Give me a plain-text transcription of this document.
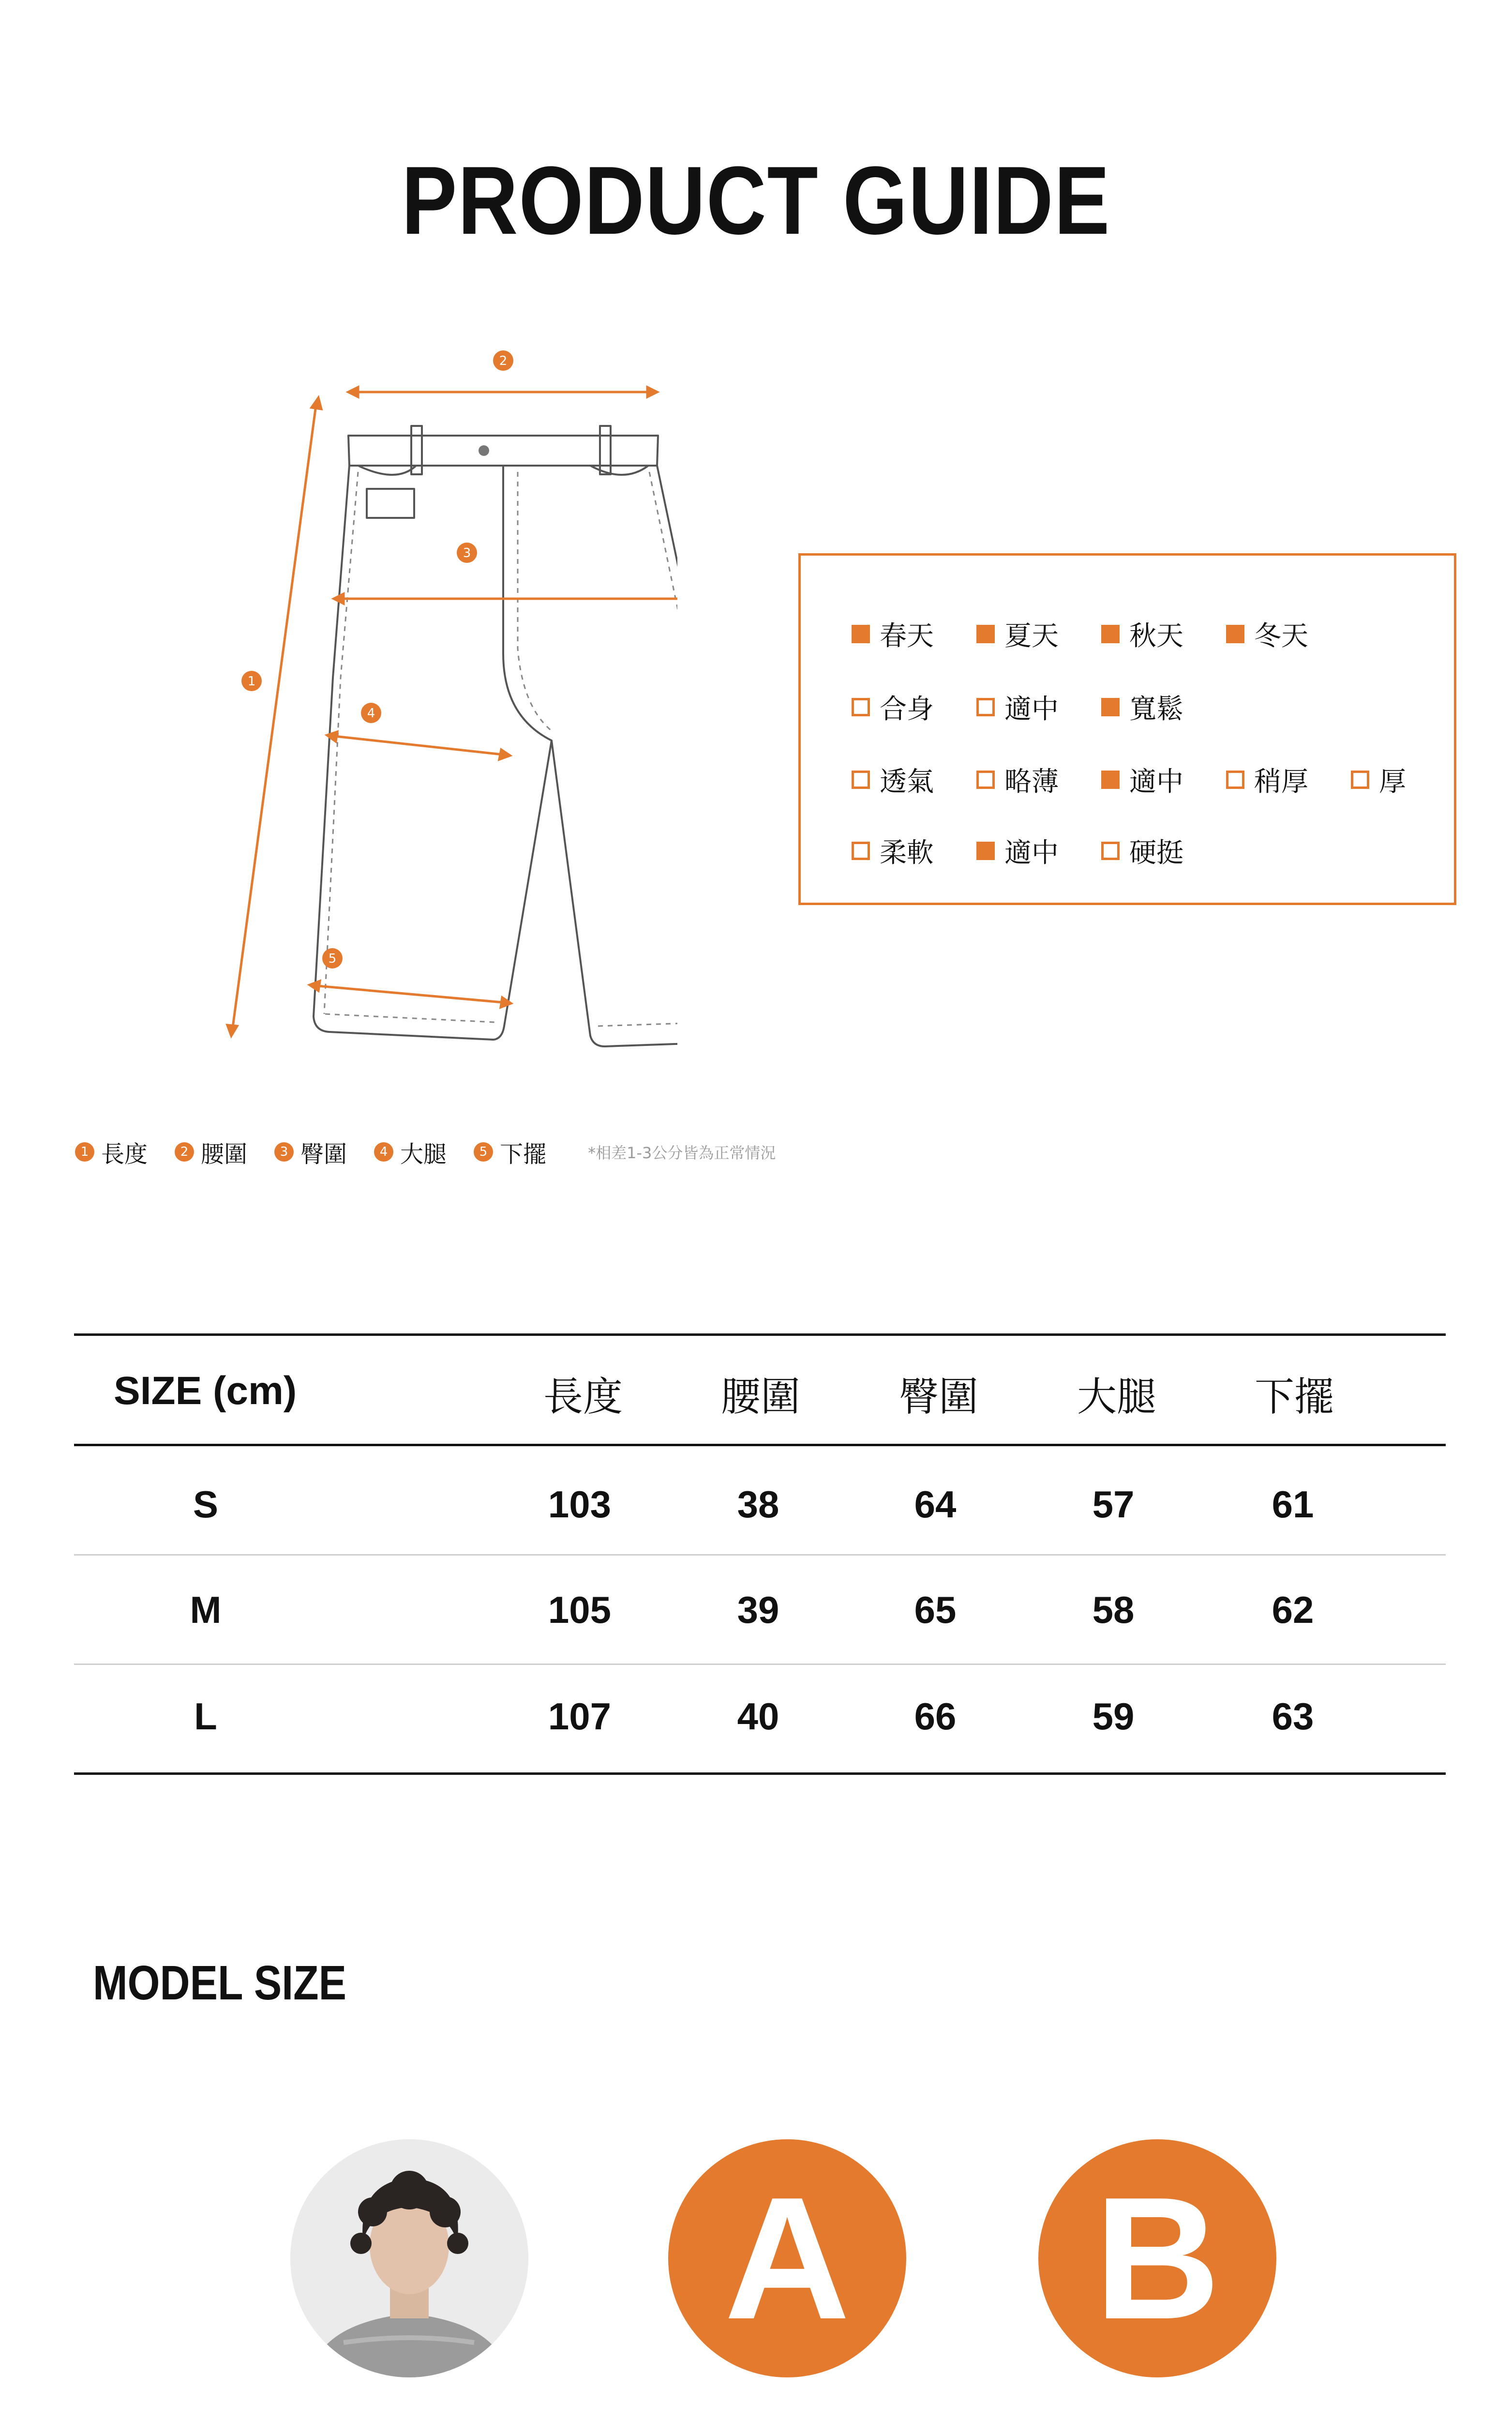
PRODUCT GUIDE
2
1
3
4
5
春天	夏天	秋天	冬天
合身	適中	寬鬆
透氣	略薄	適中	稍厚	厚
柔軟	適中	硬挺
1 長度	2 腰圍	3 臀圍	4 大腿	5 下擺	*相差1-3公分皆為正常情況
SIZE (cm)	長度	腰圍	臀圍	大腿	下擺
S	103	38	64	57	61
M	105	39	65	58	62
L	107	40	66	59	63
MODEL SIZE
A	B
